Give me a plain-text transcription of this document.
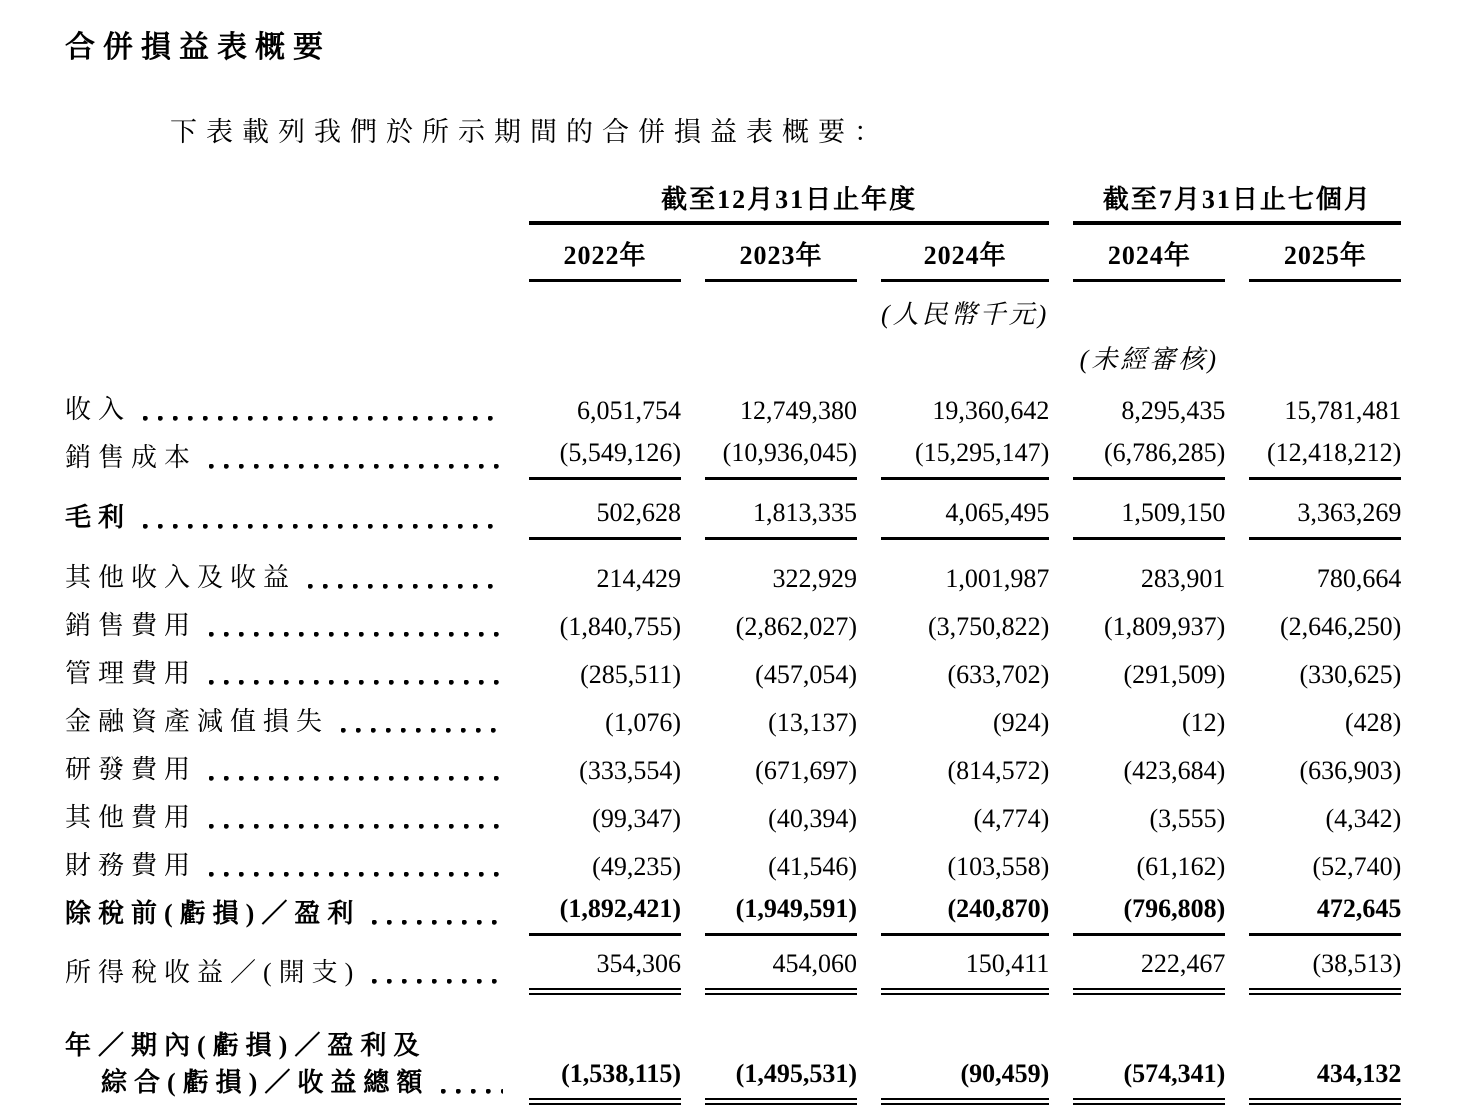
合併損益表概要

下表載列我們於所示期間的合併損益表概要：

	截至12月31日止年度			截至7月31日止七個月	
	2022年	2023年	2024年	2024年	2025年
			(人民幣千元)		
				(未經審核)	

收入	6,051,754	12,749,380	19,360,642	8,295,435	15,781,481

銷售成本	(5,549,126)	(10,936,045)	(15,295,147)	(6,786,285)	(12,418,212)

毛利	502,628	1,813,335	4,065,495	1,509,150	3,363,269

其他收入及收益	214,429	322,929	1,001,987	283,901	780,664

銷售費用	(1,840,755)	(2,862,027)	(3,750,822)	(1,809,937)	(2,646,250)

管理費用	(285,511)	(457,054)	(633,702)	(291,509)	(330,625)

金融資產減值損失	(1,076)	(13,137)	(924)	(12)	(428)

研發費用	(333,554)	(671,697)	(814,572)	(423,684)	(636,903)

其他費用	(99,347)	(40,394)	(4,774)	(3,555)	(4,342)

財務費用	(49,235)	(41,546)	(103,558)	(61,162)	(52,740)

除稅前(虧損)／盈利	(1,892,421)	(1,949,591)	(240,870)	(796,808)	472,645

所得稅收益／(開支)	354,306	454,060	150,411	222,467	(38,513)

年／期內(虧損)／盈利及
綜合(虧損)／收益總額	(1,538,115)	(1,495,531)	(90,459)	(574,341)	434,132
